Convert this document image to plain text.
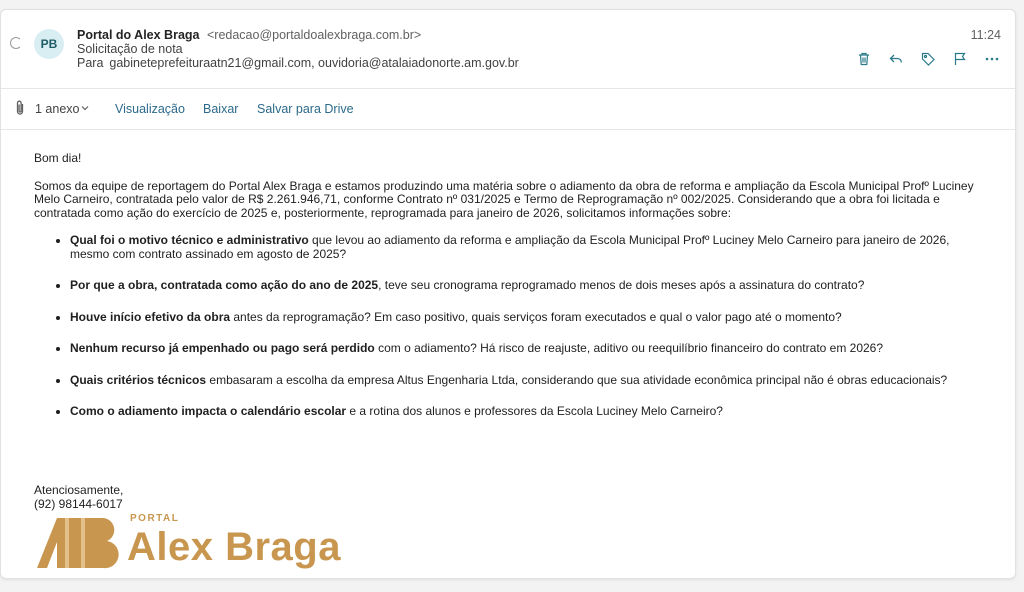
PB
Portal do Alex Braga <redacao@portaldoalexbraga.com.br>
Solicitação de nota
Para gabineteprefeituraatn21@gmail.com, ouvidoria@atalaiadonorte.am.gov.br
11:24
1 anexo	Visualização Baixar Salvar para Drive

Bom dia!

Somos da equipe de reportagem do Portal Alex Braga e estamos produzindo uma matéria sobre o adiamento da obra de reforma e ampliação da Escola Municipal Profº Luciney Melo Carneiro, contratada pelo valor de R$ 2.261.946,71, conforme Contrato nº 031/2025 e Termo de Reprogramação nº 002/2025. Considerando que a obra foi licitada e contratada como ação do exercício de 2025 e, posteriormente, reprogramada para janeiro de 2026, solicitamos informações sobre:

Qual foi o motivo técnico e administrativo que levou ao adiamento da reforma e ampliação da Escola Municipal Profº Luciney Melo Carneiro para janeiro de 2026, mesmo com contrato assinado em agosto de 2025?
Por que a obra, contratada como ação do ano de 2025, teve seu cronograma reprogramado menos de dois meses após a assinatura do contrato?
Houve início efetivo da obra antes da reprogramação? Em caso positivo, quais serviços foram executados e qual o valor pago até o momento?
Nenhum recurso já empenhado ou pago será perdido com o adiamento? Há risco de reajuste, aditivo ou reequilíbrio financeiro do contrato em 2026?
Quais critérios técnicos embasaram a escolha da empresa Altus Engenharia Ltda, considerando que sua atividade econômica principal não é obras educacionais?
Como o adiamento impacta o calendário escolar e a rotina dos alunos e professores da Escola Luciney Melo Carneiro?
Atenciosamente,
(92) 98144-6017
PORTAL
Alex Braga
